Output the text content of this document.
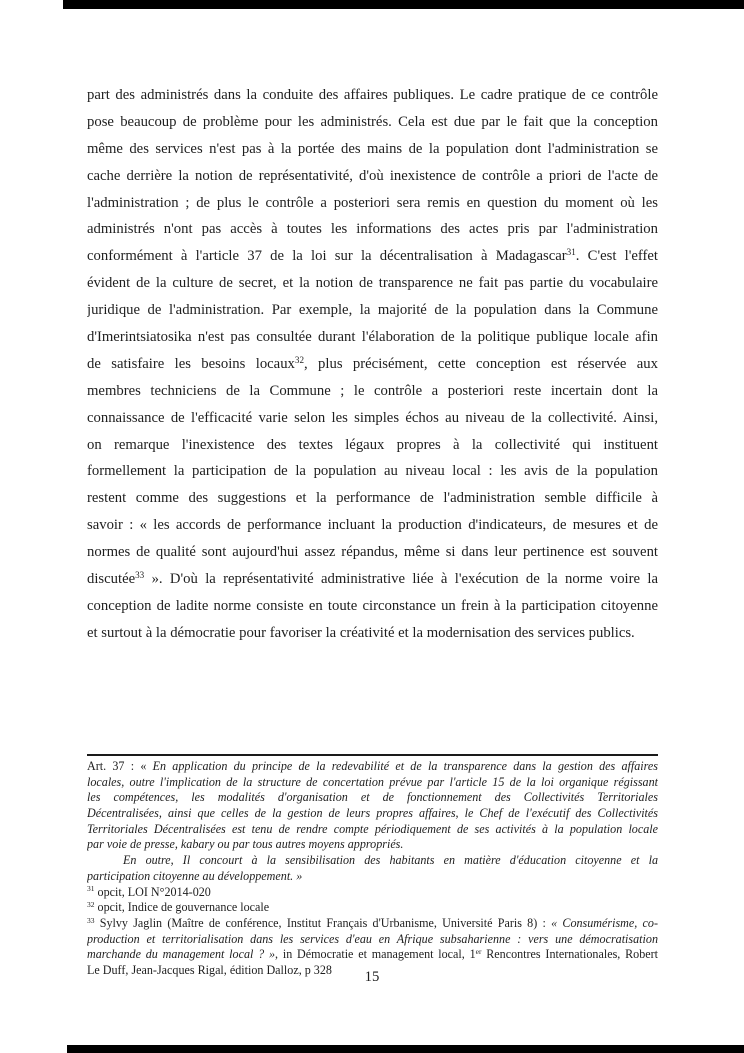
part des administrés dans la conduite des affaires publiques. Le cadre pratique de ce contrôle
pose beaucoup de problème pour les administrés. Cela est due par le fait que la conception
même des services n'est pas à la portée des mains de la population dont l'administration se
cache derrière la notion de représentativité, d'où inexistence de contrôle a priori de l'acte de
l'administration ; de plus le contrôle a posteriori sera remis en question du moment où les
administrés n'ont pas accès à toutes les informations des actes pris par l'administration
conformément à l'article 37 de la loi sur la décentralisation à Madagascar$^{31}$. C'est l'effet
évident de la culture de secret, et la notion de transparence ne fait pas partie du vocabulaire
juridique de l'administration. Par exemple, la majorité de la population dans la Commune
d'Imerintsiatosika n'est pas consultée durant l'élaboration de la politique publique locale afin
de satisfaire les besoins locaux$^{32}$, plus précisément, cette conception est réservée aux
membres techniciens de la Commune ; le contrôle a posteriori reste incertain dont la
connaissance de l'efficacité varie selon les simples échos au niveau de la collectivité. Ainsi,
on remarque l'inexistence des textes légaux propres à la collectivité qui instituent
formellement la participation de la population au niveau local : les avis de la population
restent comme des suggestions et la performance de l'administration semble difficile à
savoir : « les accords de performance incluant la production d'indicateurs, de mesures et de
normes de qualité sont aujourd'hui assez répandus, même si dans leur pertinence est souvent
discutée$^{33}$ ». D'où la représentativité administrative liée à l'exécution de la norme voire la
conception de ladite norme consiste en toute circonstance un frein à la participation citoyenne
et surtout à la démocratie pour favoriser la créativité et la modernisation des services publics.
Art. 37 : « En application du principe de la redevabilité et de la transparence dans la gestion des affaires
locales, outre l'implication de la structure de concertation prévue par l'article 15 de la loi organique régissant
les compétences, les modalités d'organisation et de fonctionnement des Collectivités Territoriales
Décentralisées, ainsi que celles de la gestion de leurs propres affaires, le Chef de l'exécutif des Collectivités
Territoriales Décentralisées est tenu de rendre compte périodiquement de ses activités à la population locale
par voie de presse, kabary ou par tous autres moyens appropriés.
En outre, Il concourt à la sensibilisation des habitants en matière d'éducation citoyenne et la
participation citoyenne au développement. »
$^{31}$ opcit, LOI N°2014-020
$^{32}$ opcit, Indice de gouvernance locale
$^{33}$ Sylvy Jaglin (Maître de conférence, Institut Français d'Urbanisme, Université Paris 8) : « Consumérisme, co-
production et territorialisation dans les services d'eau en Afrique subsaharienne : vers une démocratisation
marchande du management local ? », in Démocratie et management local, 1er Rencontres Internationales, Robert
Le Duff, Jean-Jacques Rigal, édition Dalloz, p 328	15
